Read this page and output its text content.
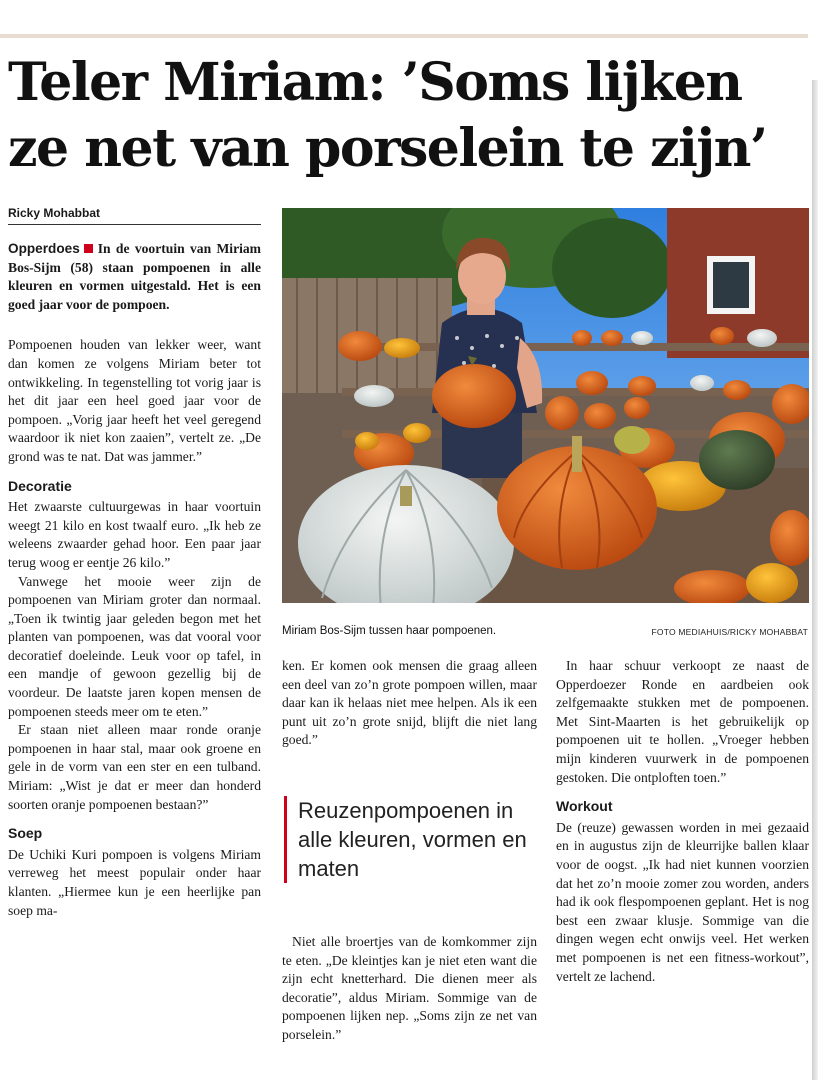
Teler Miriam: ’Soms lijken
ze net van porselein te zijn’
Ricky Mohabbat

Opperdoes In de voortuin van Miriam Bos-Sijm (58) staan pompoenen in alle kleuren en vormen uitgestald. Het is een goed jaar voor de pompoen.

Pompoenen houden van lekker weer, want dan komen ze volgens Miriam beter tot ontwikkeling. In tegenstelling tot vorig jaar is het dit jaar een heel goed jaar voor de pompoen. „Vorig jaar heeft het veel geregend waardoor ik niet kon zaaien”, vertelt ze. „De grond was te nat. Dat was jammer.”

Decoratie

Het zwaarste cultuurgewas in haar voortuin weegt 21 kilo en kost twaalf euro. „Ik heb ze weleens zwaarder gehad hoor. Een paar jaar terug woog er eentje 26 kilo.”

Vanwege het mooie weer zijn de pompoenen van Miriam groter dan normaal. „Toen ik twintig jaar geleden begon met het planten van pompoenen, was dat vooral voor decoratief doeleinde. Leuk voor op tafel, in een mandje of gewoon gezellig bij de voordeur. De laatste jaren kopen mensen de pompoenen steeds meer om te eten.”

Er staan niet alleen maar ronde oranje pompoenen in haar stal, maar ook groene en gele in de vorm van een ster en een tulband. Miriam: „Wist je dat er meer dan honderd soorten oranje pompoenen bestaan?”

Soep

De Uchiki Kuri pompoen is volgens Miriam verreweg het meest populair onder haar klanten. „Hiermee kun je een heerlijke pan soep ma-

Miriam Bos-Sijm tussen haar pompoenen.	FOTO MEDIAHUIS/RICKY MOHABBAT

ken. Er komen ook mensen die graag alleen een deel van zo’n grote pompoen willen, maar daar kan ik helaas niet mee helpen. Als ik een punt uit zo’n grote snijd, blijft die niet lang goed.”

Reuzenpompoenen in alle kleuren, vormen en maten

Niet alle broertjes van de komkommer zijn te eten. „De kleintjes kan je niet eten want die zijn echt knetterhard. Die dienen meer als decoratie”, aldus Miriam. Sommige van de pompoenen lijken nep. „Soms zijn ze net van porselein.”

In haar schuur verkoopt ze naast de Opperdoezer Ronde en aardbeien ook zelfgemaakte stukken met de pompoenen. Met Sint-Maarten is het gebruikelijk op pompoenen uit te hollen. „Vroeger hebben mijn kinderen vuurwerk in de pompoenen gestoken. Die ontploften toen.”

Workout

De (reuze) gewassen worden in mei gezaaid en in augustus zijn de kleurrijke ballen klaar voor de oogst. „Ik had niet kunnen voorzien dat het zo’n mooie zomer zou worden, anders had ik ook flespompoenen geplant. Het is nog best een zwaar klusje. Sommige van die dingen wegen echt onwijs veel. Het werken met pompoenen is net een fitness-workout”, vertelt ze lachend.
